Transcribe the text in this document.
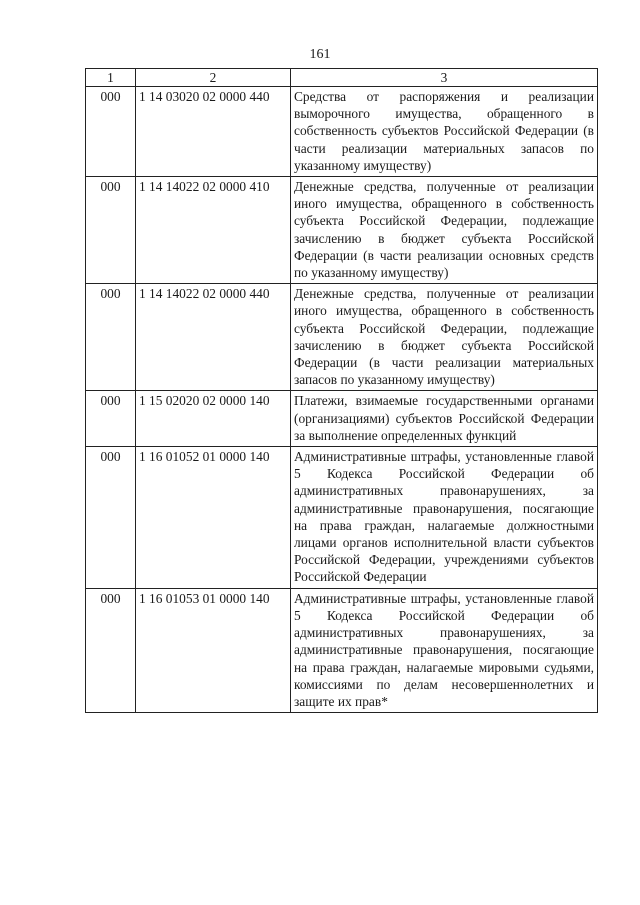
161
1	2	3
000	1 14 03020 02 0000 440	Средства от распоряжения и реализации выморочного имущества, обращенного в собственность субъектов Российской Федерации (в части реализации материальных запасов по указанному имуществу)
000	1 14 14022 02 0000 410	Денежные средства, полученные от реализации иного имущества, обращенного в собственность субъекта Российской Федерации, подлежащие зачислению в бюджет субъекта Российской Федерации (в части реализации основных средств по указанному имуществу)
000	1 14 14022 02 0000 440	Денежные средства, полученные от реализации иного имущества, обращенного в собственность субъекта Российской Федерации, подлежащие зачислению в бюджет субъекта Российской Федерации (в части реализации материальных запасов по указанному имуществу)
000	1 15 02020 02 0000 140	Платежи, взимаемые государственными органами (организациями) субъектов Российской Федерации за выполнение определенных функций
000	1 16 01052 01 0000 140	Административные штрафы, установленные главой 5 Кодекса Российской Федерации об административных правонарушениях, за административные правонарушения, посягающие на права граждан, налагаемые должностными лицами органов исполнительной власти субъектов Российской Федерации, учреждениями субъектов Российской Федерации
000	1 16 01053 01 0000 140	Административные штрафы, установленные главой 5 Кодекса Российской Федерации об административных правонарушениях, за административные правонарушения, посягающие на права граждан, налагаемые мировыми судьями, комиссиями по делам несовершеннолетних и защите их прав*
